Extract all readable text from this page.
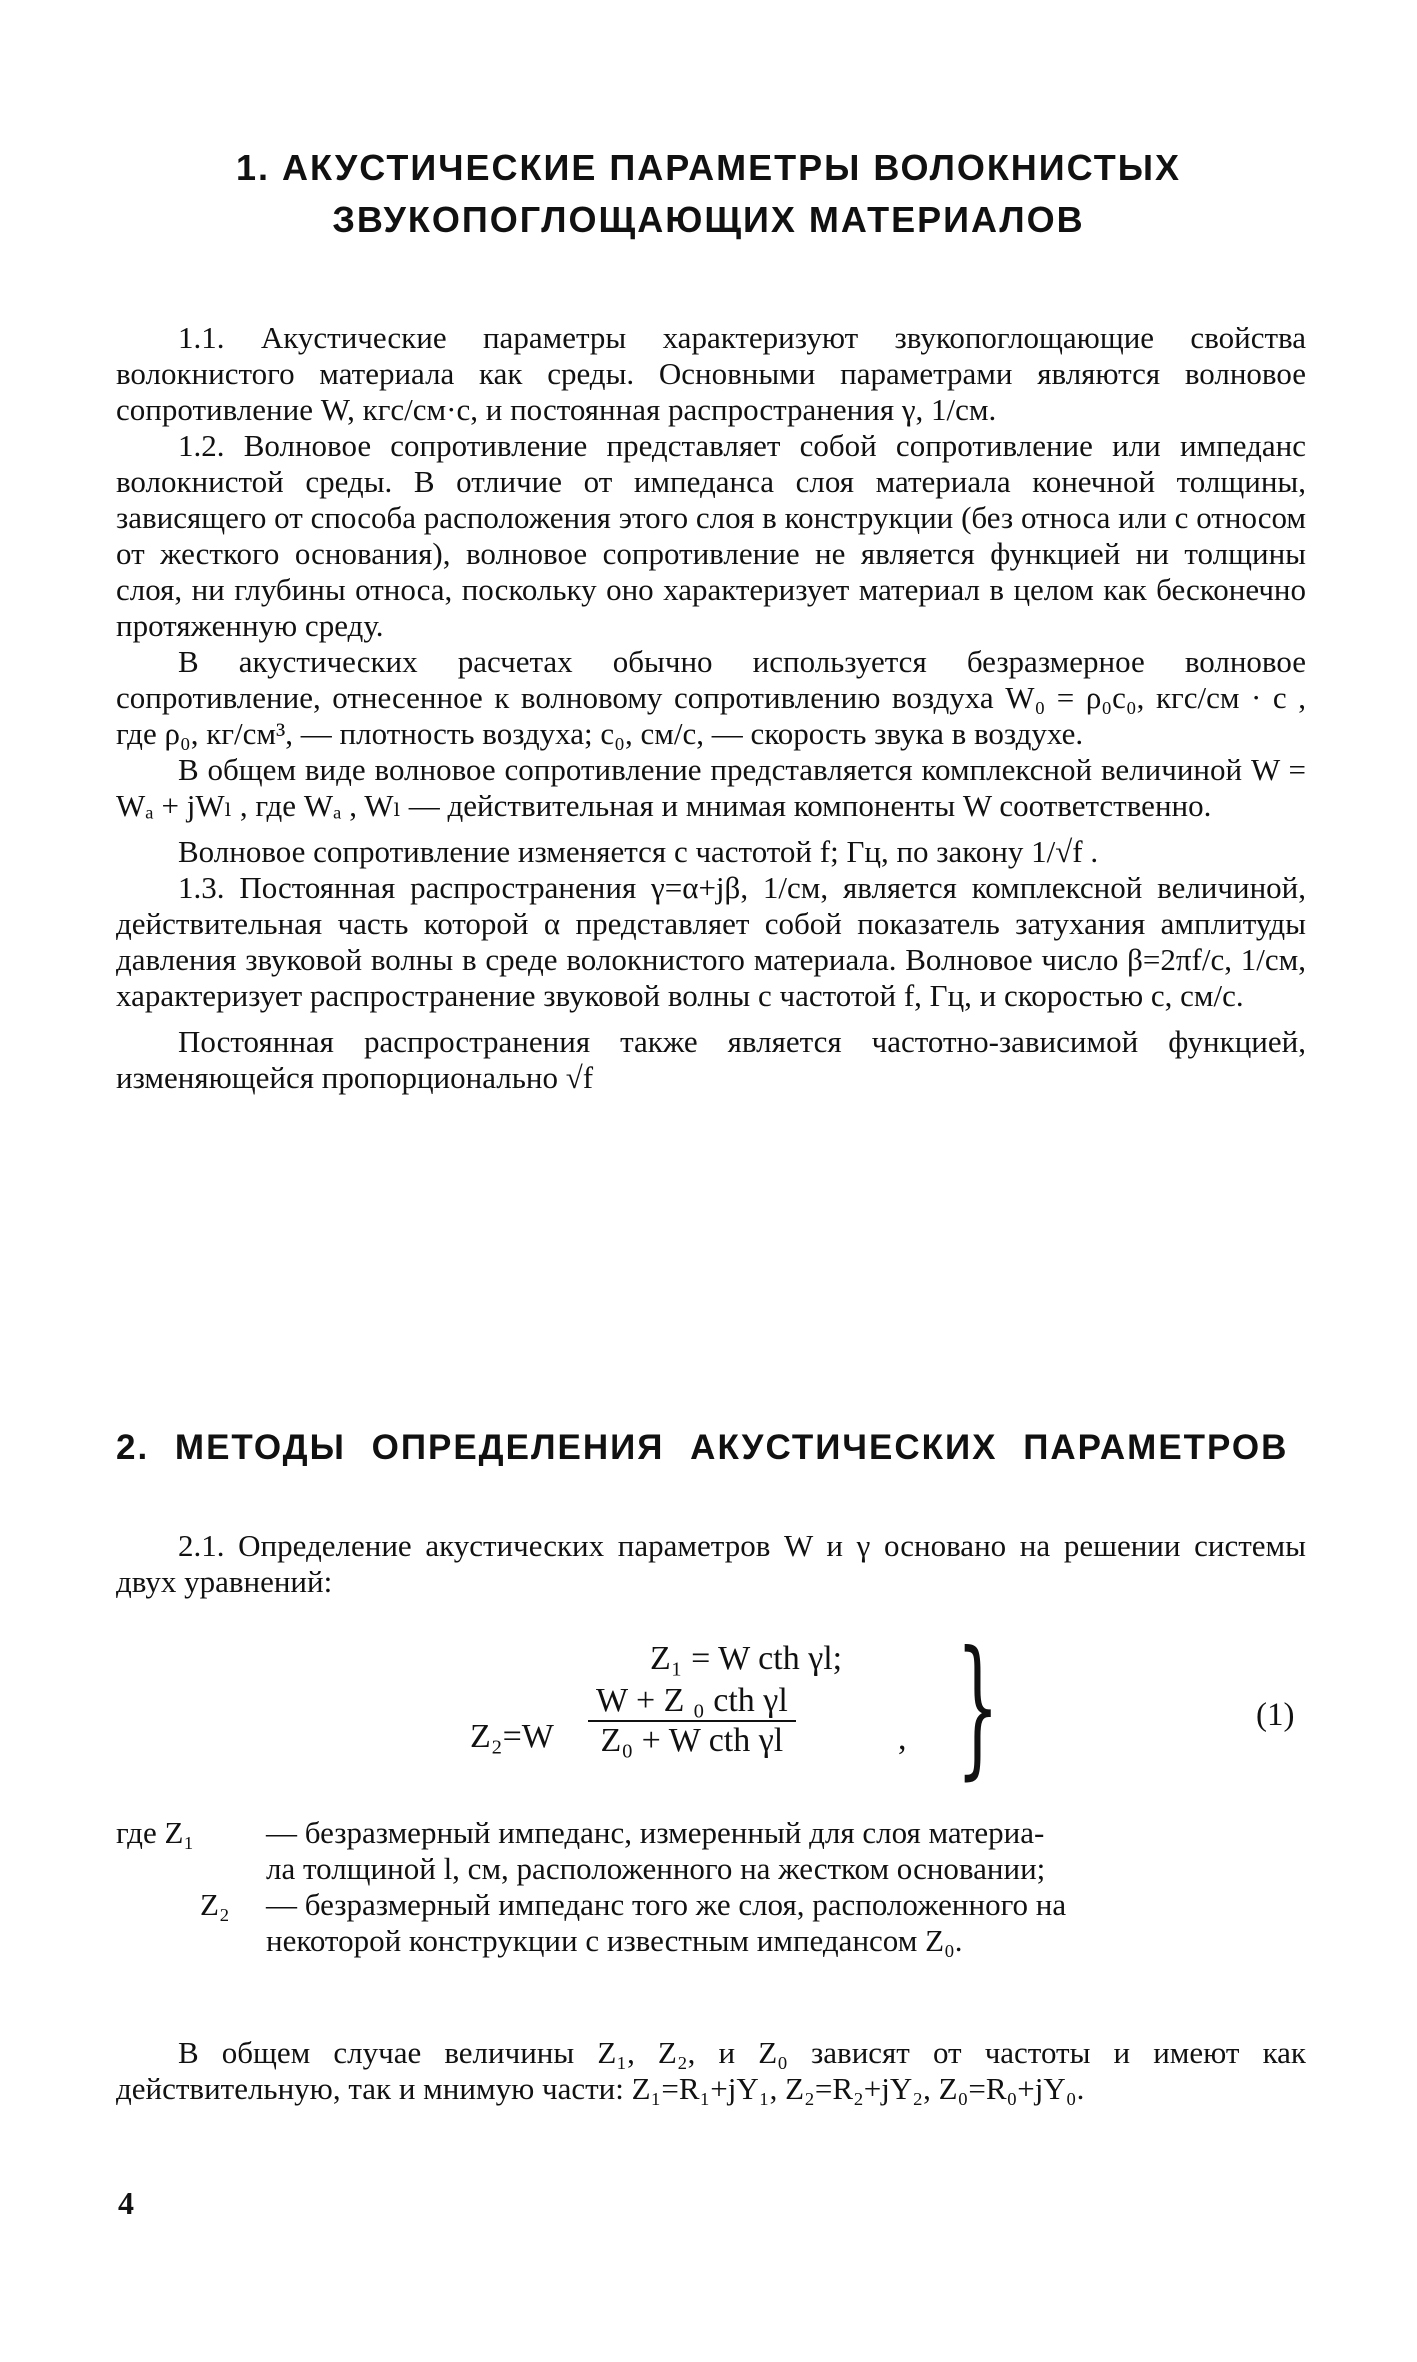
1. АКУСТИЧЕСКИЕ ПАРАМЕТРЫ ВОЛОКНИСТЫХ
ЗВУКОПОГЛОЩАЮЩИХ МАТЕРИАЛОВ

1.1. Акустические параметры характеризуют звукопоглощающие свойства волокнистого материала как среды. Основными параметрами являются волновое сопротивление W, кгс/см·с, и постоянная распространения γ, 1/см.

1.2. Волновое сопротивление представляет собой сопротивление или импеданс волокнистой среды. В отличие от импеданса слоя материала конечной толщины, зависящего от способа расположения этого слоя в конструкции (без относа или с относом от жесткого основания), волновое сопротивление не является функцией ни толщины слоя, ни глубины относа, поскольку оно характеризует материал в целом как бесконечно протяженную среду.

В акустических расчетах обычно используется безразмерное волновое сопротивление, отнесенное к волновому сопротивлению воздуха W₀ = ρ₀c₀, кгс/см · с , где ρ₀, кг/см³, — плотность воздуха; c₀, см/с, — скорость звука в воздухе.

В общем виде волновое сопротивление представляется комплексной величиной W = Wₐ + jWₗ , где Wₐ , Wₗ — действительная и мнимая компоненты W соответственно.

Волновое сопротивление изменяется с частотой f; Гц, по закону 1/√f .

1.3. Постоянная распространения γ=α+jβ, 1/см, является комплексной величиной, действительная часть которой α представляет собой показатель затухания амплитуды давления звуковой волны в среде волокнистого материала. Волновое число β=2πf/c, 1/см, характеризует распространение звуковой волны с частотой f, Гц, и скоростью c, см/с.

Постоянная распространения также является частотно-зависимой функцией, изменяющейся пропорционально √f

2. МЕТОДЫ ОПРЕДЕЛЕНИЯ АКУСТИЧЕСКИХ ПАРАМЕТРОВ

2.1. Определение акустических параметров W и γ основано на решении системы двух уравнений:

Z₁ = W cth γl;
Z₂=W
W + Z ₀ cth γl
Z₀ + W cth γl	, }	(1)
где Z₁ — безразмерный импеданс, измеренный для слоя материа-
ла толщиной l, см, расположенного на жестком основании;
Z₂ — безразмерный импеданс того же слоя, расположенного на
некоторой конструкции с известным импедансом Z₀.

В общем случае величины Z₁, Z₂, и Z₀ зависят от частоты и имеют как действительную, так и мнимую части: Z₁=R₁+jY₁, Z₂=R₂+jY₂, Z₀=R₀+jY₀.

4
